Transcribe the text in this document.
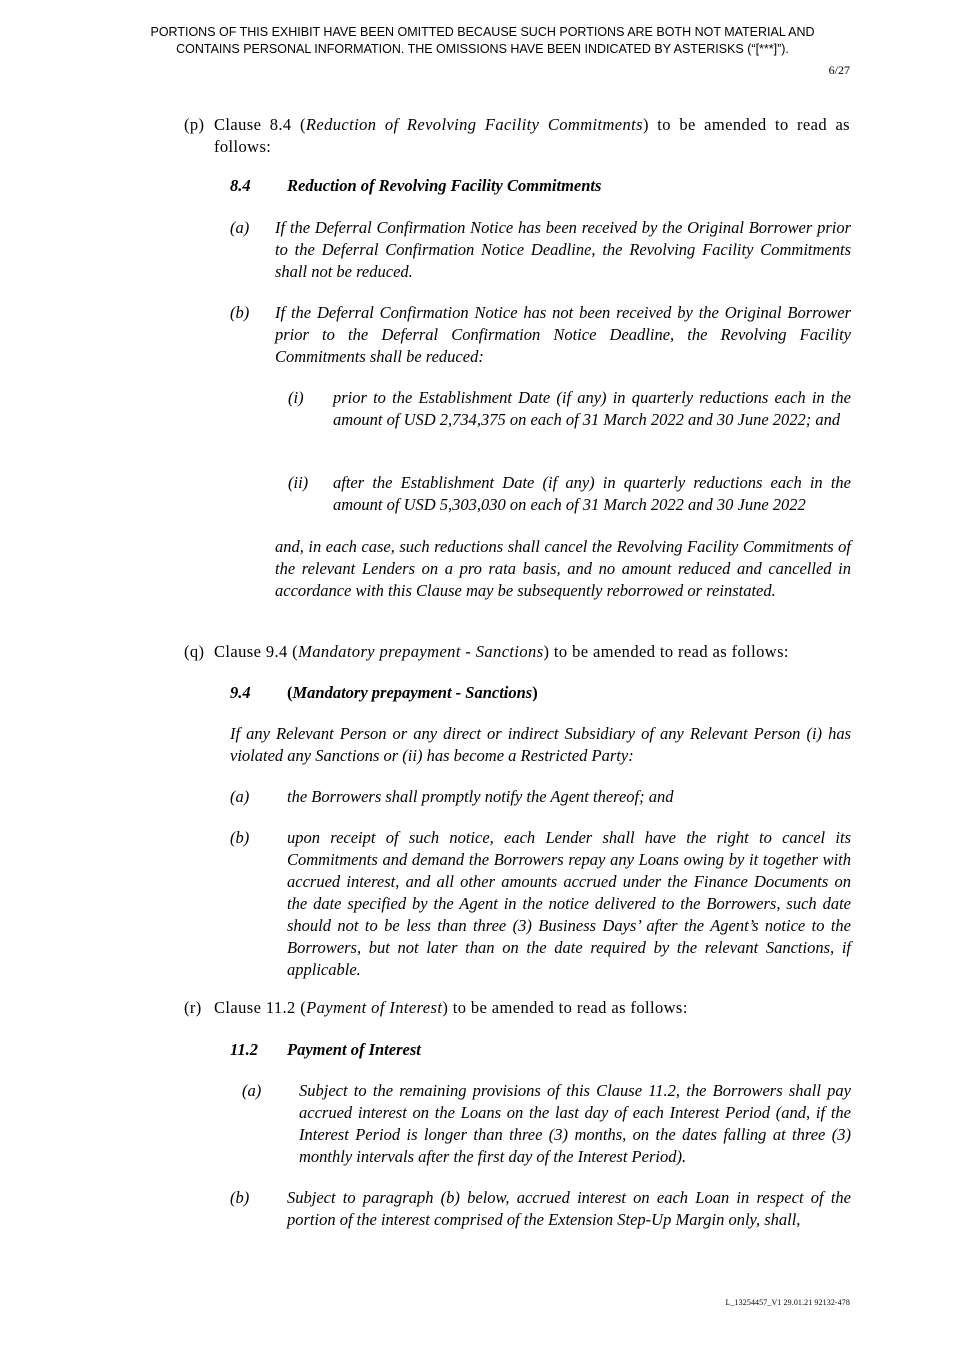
PORTIONS OF THIS EXHIBIT HAVE BEEN OMITTED BECAUSE SUCH PORTIONS ARE BOTH NOT MATERIAL AND
CONTAINS PERSONAL INFORMATION. THE OMISSIONS HAVE BEEN INDICATED BY ASTERISKS (“[***]”).
6/27
(p) Clause 8.4 (Reduction of Revolving Facility Commitments) to be amended to read as follows:
8.4	Reduction of Revolving Facility Commitments
(a) If the Deferral Confirmation Notice has been received by the Original Borrower prior to the Deferral Confirmation Notice Deadline, the Revolving Facility Commitments shall not be reduced.
(b) If the Deferral Confirmation Notice has not been received by the Original Borrower prior to the Deferral Confirmation Notice Deadline, the Revolving Facility Commitments shall be reduced:
(i) prior to the Establishment Date (if any) in quarterly reductions each in the amount of USD 2,734,375 on each of 31 March 2022 and 30 June 2022; and
(ii) after the Establishment Date (if any) in quarterly reductions each in the amount of USD 5,303,030 on each of 31 March 2022 and 30 June 2022
and, in each case, such reductions shall cancel the Revolving Facility Commitments of the relevant Lenders on a pro rata basis, and no amount reduced and cancelled in accordance with this Clause may be subsequently reborrowed or reinstated.
(q) Clause 9.4 (Mandatory prepayment - Sanctions) to be amended to read as follows:
9.4	(Mandatory prepayment - Sanctions)
If any Relevant Person or any direct or indirect Subsidiary of any Relevant Person (i) has violated any Sanctions or (ii) has become a Restricted Party:
(a) the Borrowers shall promptly notify the Agent thereof; and
(b) upon receipt of such notice, each Lender shall have the right to cancel its Commitments and demand the Borrowers repay any Loans owing by it together with accrued interest, and all other amounts accrued under the Finance Documents on the date specified by the Agent in the notice delivered to the Borrowers, such date should not to be less than three (3) Business Days’ after the Agent’s notice to the Borrowers, but not later than on the date required by the relevant Sanctions, if applicable.
(r) Clause 11.2 (Payment of Interest) to be amended to read as follows:
11.2	Payment of Interest
(a) Subject to the remaining provisions of this Clause 11.2, the Borrowers shall pay accrued interest on the Loans on the last day of each Interest Period (and, if the Interest Period is longer than three (3) months, on the dates falling at three (3) monthly intervals after the first day of the Interest Period).
(b) Subject to paragraph (b) below, accrued interest on each Loan in respect of the portion of the interest comprised of the Extension Step-Up Margin only, shall,
L_13254457_V1 29.01.21 92132-478
